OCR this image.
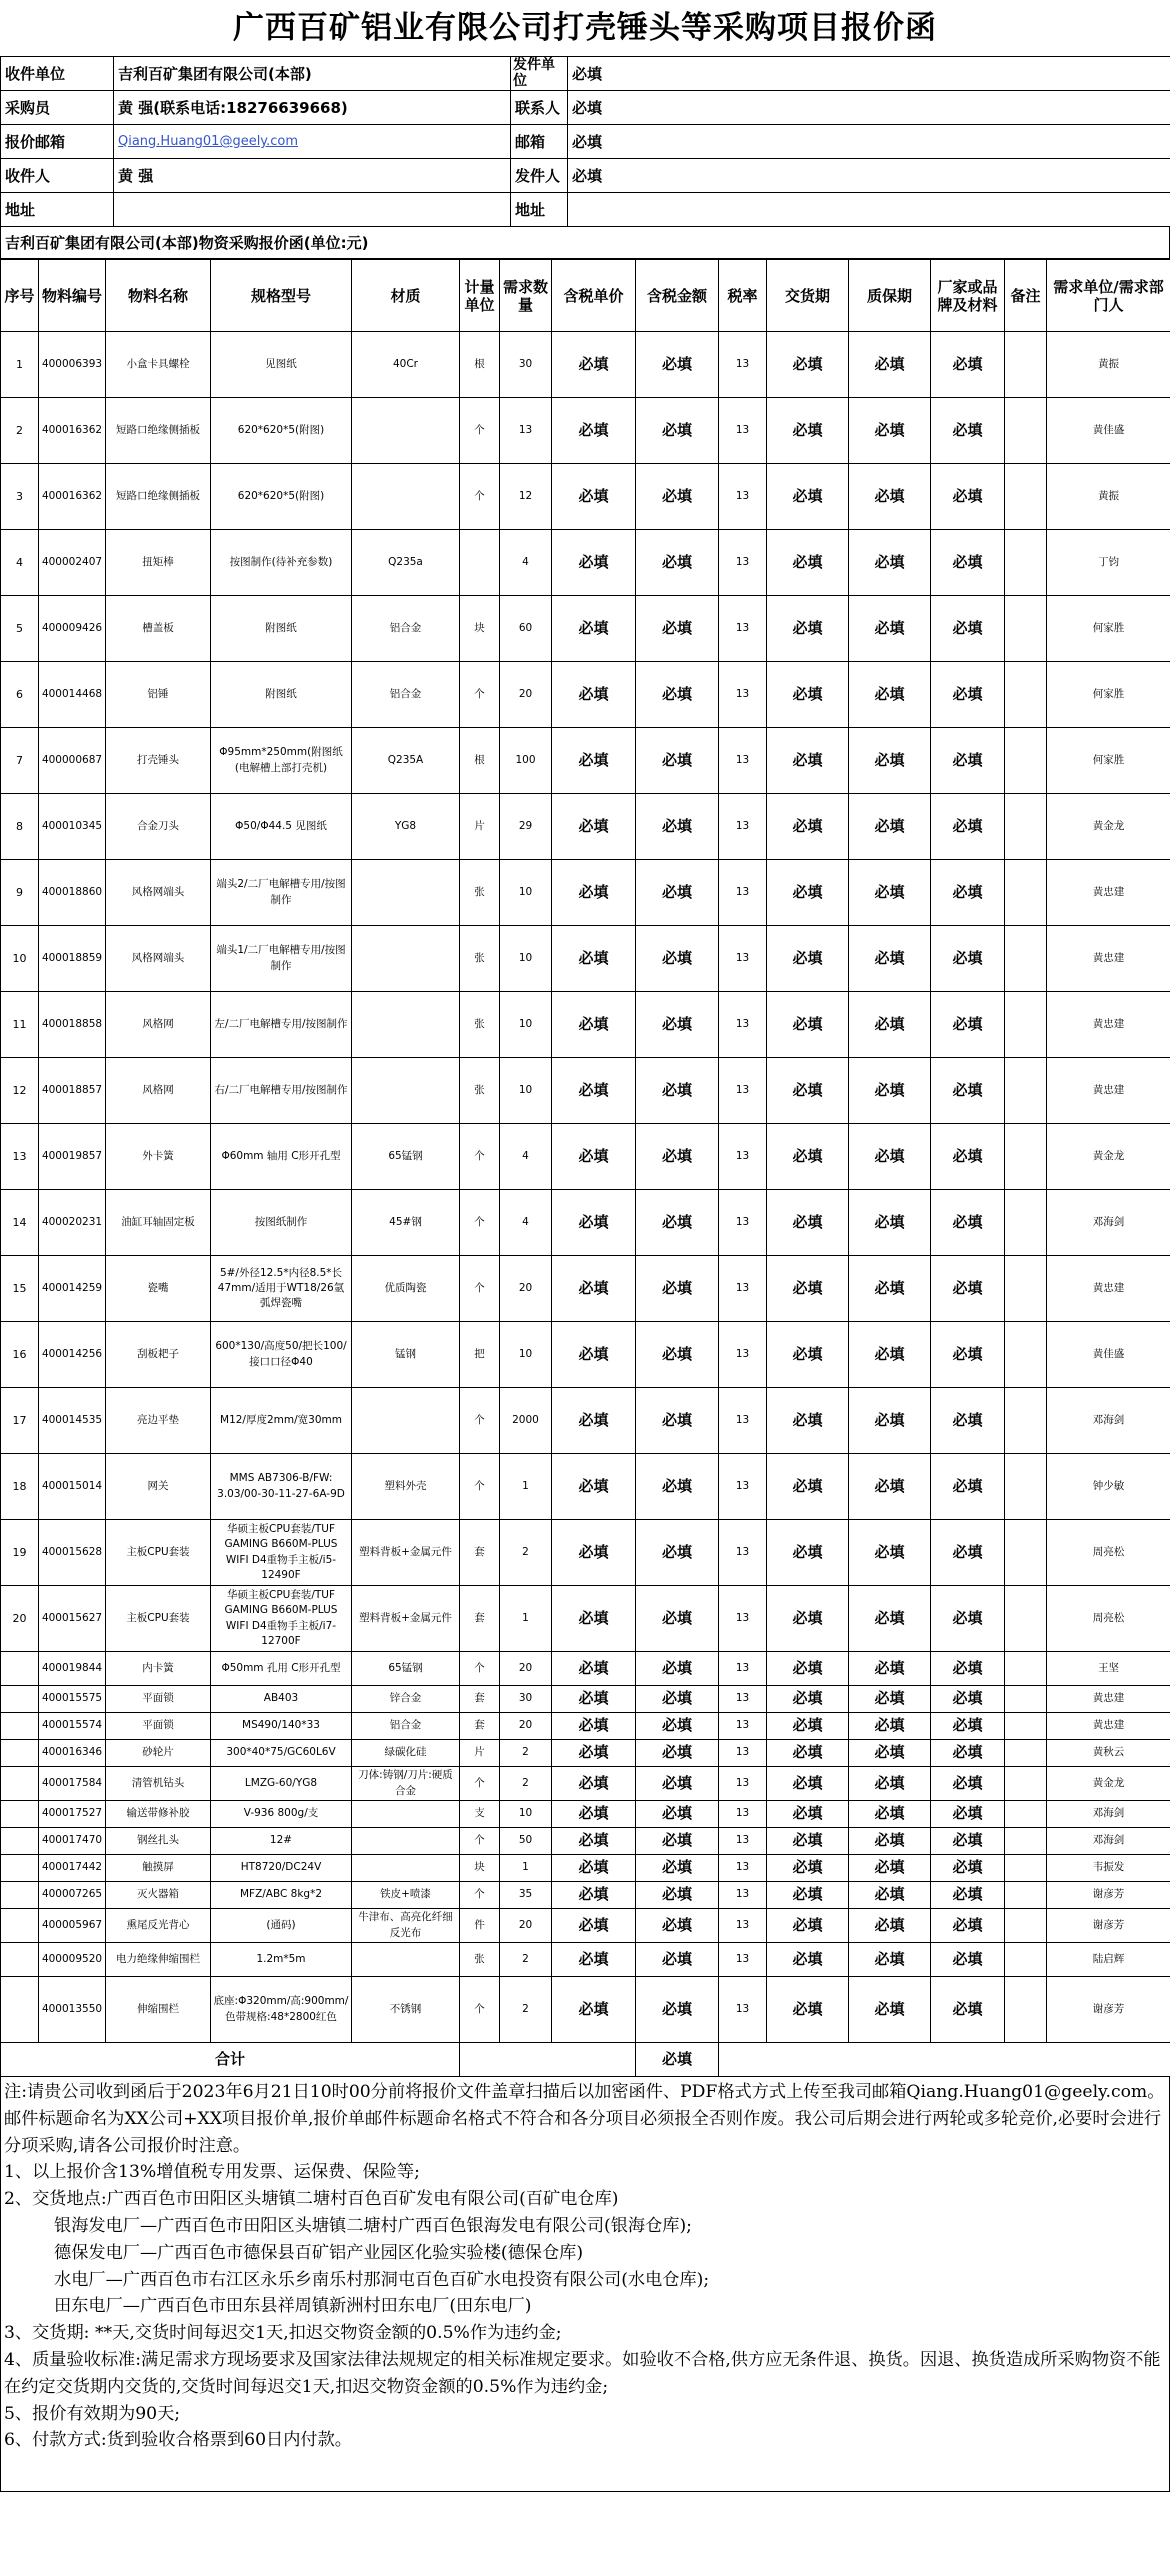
广西百矿铝业有限公司打壳锤头等采购项目报价函
收件单位	吉利百矿集团有限公司(本部)	发件单位	必填
采购员	黄 强(联系电话:18276639668)	联系人	必填
报价邮箱	Qiang.Huang01@geely.com	邮箱	必填
收件人	黄 强	发件人	必填
地址		地址	
吉利百矿集团有限公司(本部)物资采购报价函(单位:元)
序号	物料编号	物料名称	规格型号	材质	计量单位	需求数量	含税单价	含税金额	税率	交货期	质保期	厂家或品牌及材料	备注	需求单位/需求部门人
1	400006393	小盒卡具螺栓	见图纸	40Cr	根	30	必填	必填	13	必填	必填	必填		黄振
2	400016362	短路口绝缘侧插板	620*620*5(附图)		个	13	必填	必填	13	必填	必填	必填		黄佳盛
3	400016362	短路口绝缘侧插板	620*620*5(附图)		个	12	必填	必填	13	必填	必填	必填		黄振
4	400002407	扭矩棒	按图制作(待补充参数)	Q235a		4	必填	必填	13	必填	必填	必填		丁钧
5	400009426	槽盖板	附图纸	铝合金	块	60	必填	必填	13	必填	必填	必填		何家胜
6	400014468	铝锤	附图纸	铝合金	个	20	必填	必填	13	必填	必填	必填		何家胜
7	400000687	打壳锤头	Φ95mm*250mm(附图纸(电解槽上部打壳机)	Q235A	根	100	必填	必填	13	必填	必填	必填		何家胜
8	400010345	合金刀头	Φ50/Φ44.5 见图纸	YG8	片	29	必填	必填	13	必填	必填	必填		黄金龙
9	400018860	风格网端头	端头2/二厂电解槽专用/按图制作		张	10	必填	必填	13	必填	必填	必填		黄忠建
10	400018859	风格网端头	端头1/二厂电解槽专用/按图制作		张	10	必填	必填	13	必填	必填	必填		黄忠建
11	400018858	风格网	左/二厂电解槽专用/按图制作		张	10	必填	必填	13	必填	必填	必填		黄忠建
12	400018857	风格网	右/二厂电解槽专用/按图制作		张	10	必填	必填	13	必填	必填	必填		黄忠建
13	400019857	外卡簧	Φ60mm 轴用 C形开孔型	65锰钢	个	4	必填	必填	13	必填	必填	必填		黄金龙
14	400020231	油缸耳轴固定板	按图纸制作	45#钢	个	4	必填	必填	13	必填	必填	必填		邓海剑
15	400014259	瓷嘴	5#/外径12.5*内径8.5*长47mm/适用于WT18/26氩弧焊瓷嘴	优质陶瓷	个	20	必填	必填	13	必填	必填	必填		黄忠建
16	400014256	刮板耙子	600*130/高度50/把长100/接口口径Φ40	锰钢	把	10	必填	必填	13	必填	必填	必填		黄佳盛
17	400014535	亮边平垫	M12/厚度2mm/宽30mm		个	2000	必填	必填	13	必填	必填	必填		邓海剑
18	400015014	网关	MMS AB7306-B/FW: 3.03/00-30-11-27-6A-9D	塑料外壳	个	1	必填	必填	13	必填	必填	必填		钟少敏
19	400015628	主板CPU套装	华硕主板CPU套装/TUF GAMING B660M-PLUS WIFI D4重物手主板/i5-12490F	塑料背板+金属元件	套	2	必填	必填	13	必填	必填	必填		周亮松
20	400015627	主板CPU套装	华硕主板CPU套装/TUF GAMING B660M-PLUS WIFI D4重物手主板/i7-12700F	塑料背板+金属元件	套	1	必填	必填	13	必填	必填	必填		周亮松
	400019844	内卡簧	Φ50mm 孔用 C形开孔型	65锰钢	个	20	必填	必填	13	必填	必填	必填		王坚
	400015575	平面锁	AB403	锌合金	套	30	必填	必填	13	必填	必填	必填		黄忠建
	400015574	平面锁	MS490/140*33	铝合金	套	20	必填	必填	13	必填	必填	必填		黄忠建
	400016346	砂轮片	300*40*75/GC60L6V	绿碳化硅	片	2	必填	必填	13	必填	必填	必填		黄秋云
	400017584	清管机钻头	LMZG-60/YG8	刀体:铸钢/刀片:硬质合金	个	2	必填	必填	13	必填	必填	必填		黄金龙
	400017527	输送带修补胶	V-936 800g/支		支	10	必填	必填	13	必填	必填	必填		邓海剑
	400017470	钢丝扎头	12#		个	50	必填	必填	13	必填	必填	必填		邓海剑
	400017442	触摸屏	HT8720/DC24V		块	1	必填	必填	13	必填	必填	必填		韦振发
	400007265	灭火器箱	MFZ/ABC 8kg*2	铁皮+喷漆	个	35	必填	必填	13	必填	必填	必填		谢彦芳
	400005967	熏尾反光背心	(通码)	牛津布、高亮化纤细反光布	件	20	必填	必填	13	必填	必填	必填		谢彦芳
	400009520	电力绝缘伸缩围栏	1.2m*5m		张	2	必填	必填	13	必填	必填	必填		陆启辉
	400013550	伸缩围栏	底座:Φ320mm/高:900mm/色带规格:48*2800红色	不锈钢	个	2	必填	必填	13	必填	必填	必填		谢彦芳
合计								必填						
注:请贵公司收到函后于2023年6月21日10时00分前将报价文件盖章扫描后以加密函件、PDF格式方式上传至我司邮箱Qiang.Huang01@geely.com。邮件标题命名为XX公司+XX项目报价单,报价单邮件标题命名格式不符合和各分项目必须报全否则作废。我公司后期会进行两轮或多轮竞价,必要时会进行分项采购,请各公司报价时注意。
1、以上报价含13%增值税专用发票、运保费、保险等;
2、交货地点:广西百色市田阳区头塘镇二塘村百色百矿发电有限公司(百矿电仓库)
银海发电厂—广西百色市田阳区头塘镇二塘村广西百色银海发电有限公司(银海仓库);
德保发电厂—广西百色市德保县百矿铝产业园区化验实验楼(德保仓库)
水电厂—广西百色市右江区永乐乡南乐村那洞屯百色百矿水电投资有限公司(水电仓库);
田东电厂—广西百色市田东县祥周镇新洲村田东电厂(田东电厂)
3、交货期: **天,交货时间每迟交1天,扣迟交物资金额的0.5%作为违约金;
4、质量验收标准:满足需求方现场要求及国家法律法规规定的相关标准规定要求。如验收不合格,供方应无条件退、换货。因退、换货造成所采购物资不能在约定交货期内交货的,交货时间每迟交1天,扣迟交物资金额的0.5%作为违约金;
5、报价有效期为90天;
6、付款方式:货到验收合格票到60日内付款。
